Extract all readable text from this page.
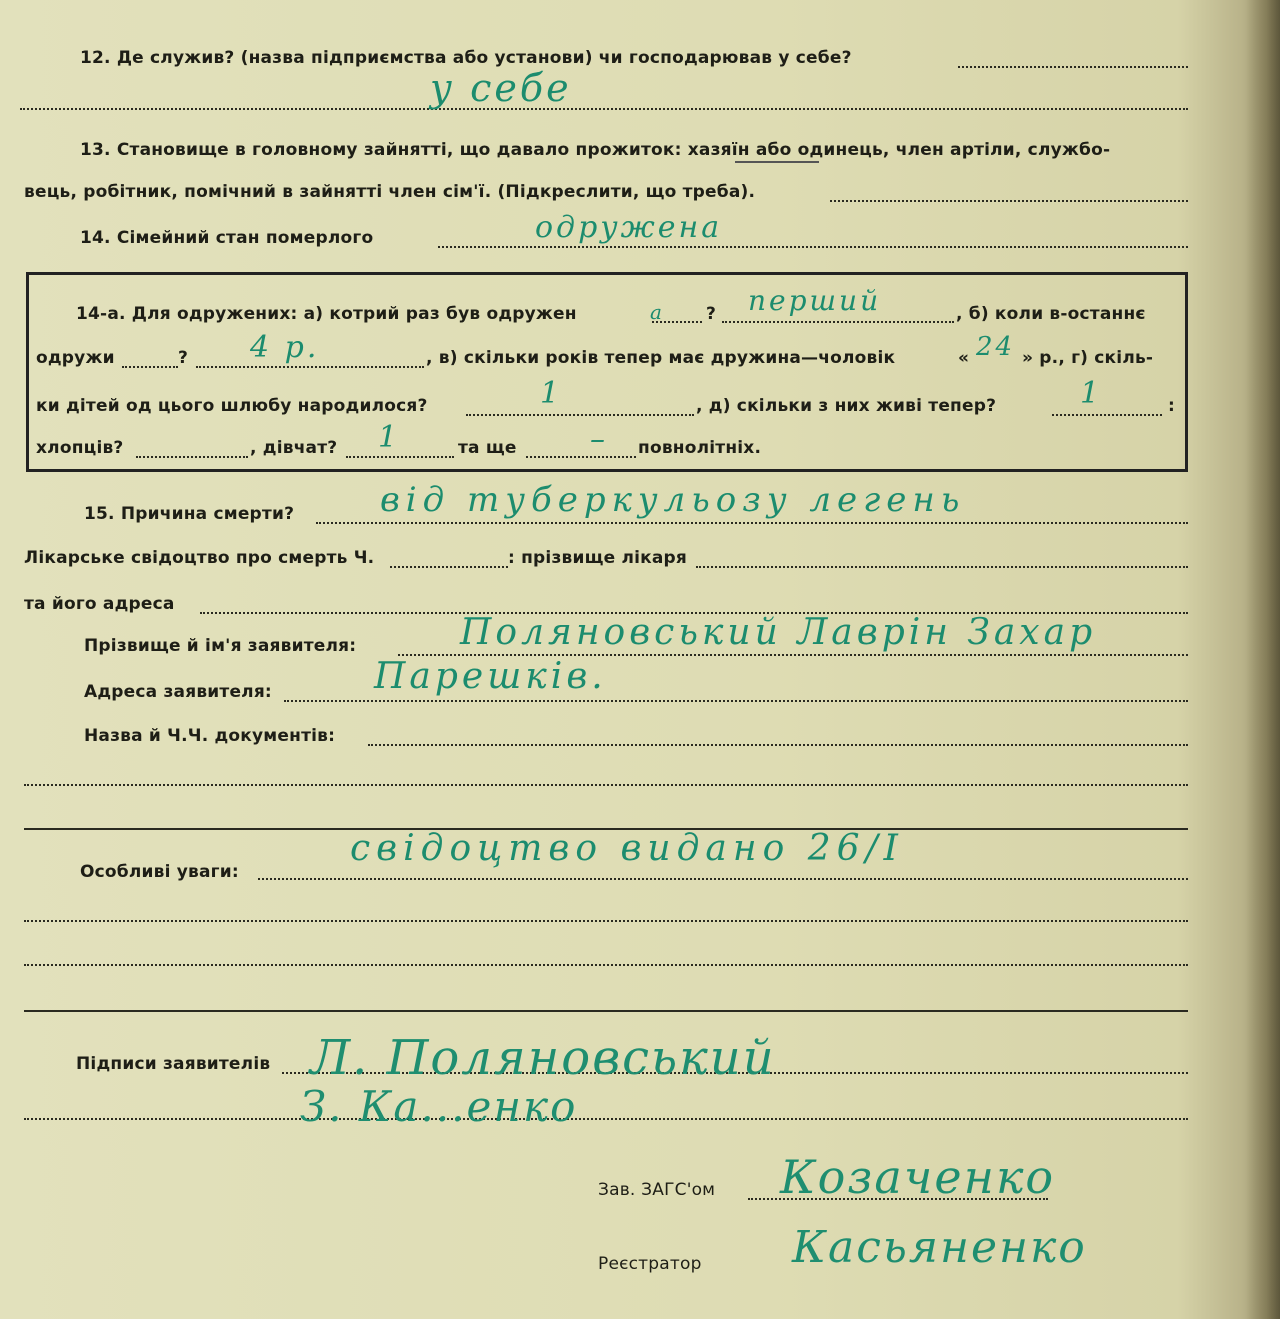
12. Де служив? (назва підприємства або установи) чи господарював у себе?
у себе
13. Становище в головному зайнятті, що давало прожиток: хазяїн або одинець, член артіли, службо-
вець, робітник, помічний в зайнятті член сім'ї. (Підкреслити, що треба).
14. Сімейний стан померлого	одружена
14-а. Для одружених: а) котрий раз був одружен	а ? перший	, б) коли в-останнє
одружи	? 4 р.	, в) скільки років тепер має дружина—чоловік	« 24 » р., г) скіль-
ки дітей од цього шлюбу народилося?	1	, д) скільки з них живі тепер?	1	:
хлопців?	, дівчат? 1	та ще – повнолітніх.
15. Причина смерти?	від туберкульозу легень
Лікарське свідоцтво про смерть Ч.	: прізвище лікаря
та його адреса
Прізвище й ім'я заявителя:	Поляновський Лаврін Захар
Адреса заявителя:	Парешків.
Назва й Ч.Ч. документів:
Особливі уваги:
свідоцтво видано 26/I
Підписи заявителів Л. Поляновський
З. Ка...енко
Зав. ЗАГС'ом Козаченко
Реєстратор Касьяненко
